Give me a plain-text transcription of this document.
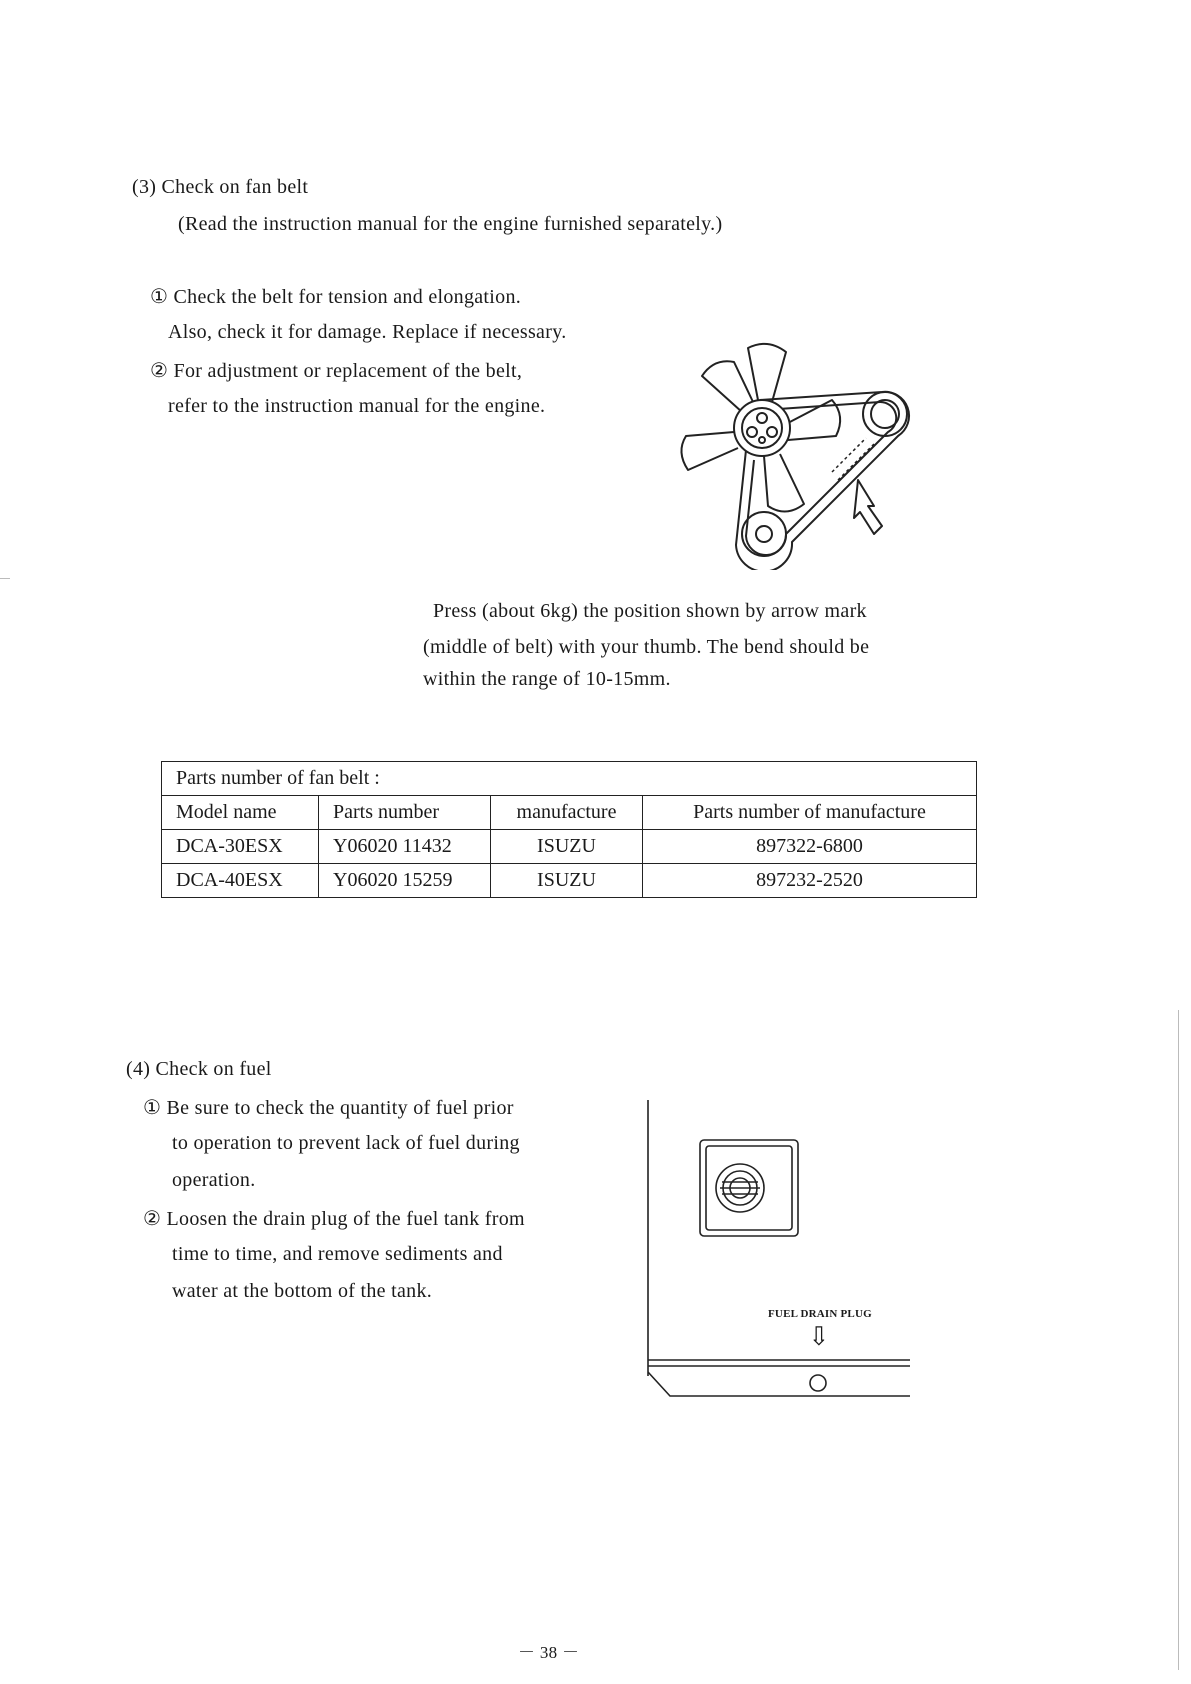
(3) Check on fan belt
(Read the instruction manual for the engine furnished separately.)
① Check the belt for tension and elongation.
Also, check it for damage. Replace if necessary.
② For adjustment or replacement of the belt,
refer to the instruction manual for the engine.
Press (about 6kg) the position shown by arrow mark
(middle of belt) with your thumb. The bend should be
within the range of 10-15mm.
Parts number of fan belt :			
Model name	Parts number	manufacture	Parts number of manufacture
DCA-30ESX	Y06020 11432	ISUZU	897322-6800
DCA-40ESX	Y06020 15259	ISUZU	897232-2520
(4) Check on fuel
① Be sure to check the quantity of fuel prior
to operation to prevent lack of fuel during
operation.
② Loosen the drain plug of the fuel tank from
time to time, and remove sediments and
water at the bottom of the tank.
FUEL DRAIN PLUG
⇩
－ 38 －
